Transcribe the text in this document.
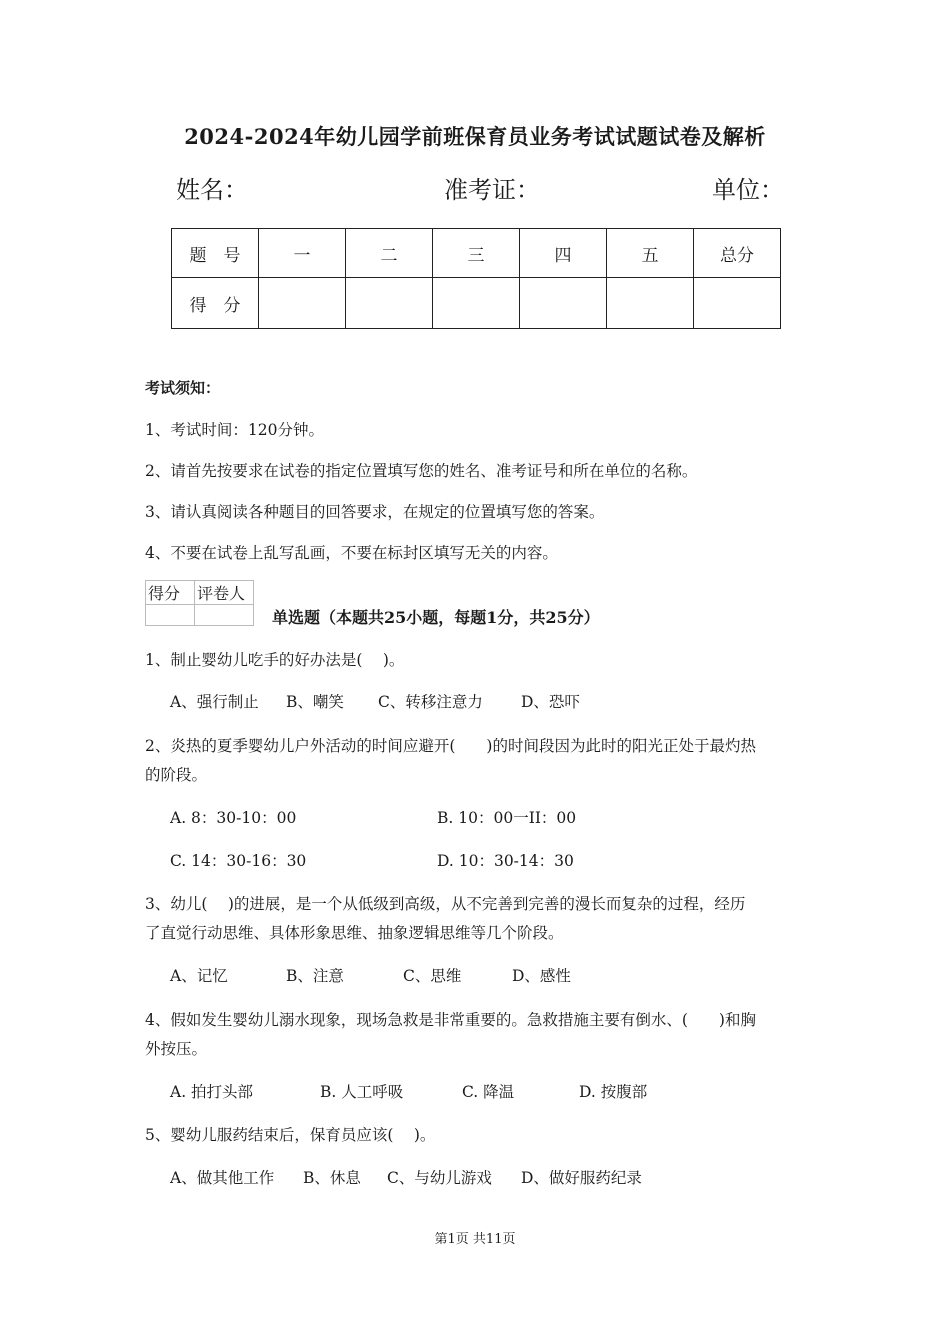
2024-2024年幼儿园学前班保育员业务考试试题试卷及解析
姓名：	准考证：	单位：
题　号	一	二	三	四	五	总分
得　分						
考试须知：
1、考试时间：120分钟。
2、请首先按要求在试卷的指定位置填写您的姓名、准考证号和所在单位的名称。
3、请认真阅读各种题目的回答要求，在规定的位置填写您的答案。
4、不要在试卷上乱写乱画，不要在标封区填写无关的内容。
得分	评卷人

单选题（本题共25小题，每题1分，共25分）
1、制止婴幼儿吃手的好办法是(　 )。
A、强行制止 B、嘲笑 C、转移注意力 D、恐吓
2、炎热的夏季婴幼儿户外活动的时间应避开(　　)的时间段因为此时的阳光正处于最灼热
的阶段。
A. 8：30-10：00	B. 10：00一II：00
C. 14：30-16：30	D. 10：30-14：30
3、幼儿(　 )的进展，是一个从低级到高级，从不完善到完善的漫长而复杂的过程，经历
了直觉行动思维、具体形象思维、抽象逻辑思维等几个阶段。
A、记忆	B、注意	C、思维	D、感性
4、假如发生婴幼儿溺水现象，现场急救是非常重要的。急救措施主要有倒水、(　　)和胸
外按压。
A. 拍打头部	B. 人工呼吸	C. 降温	D. 按腹部
5、婴幼儿服药结束后，保育员应该(　 )。
A、做其他工作 B、休息 C、与幼儿游戏 D、做好服药纪录
第1页 共11页
